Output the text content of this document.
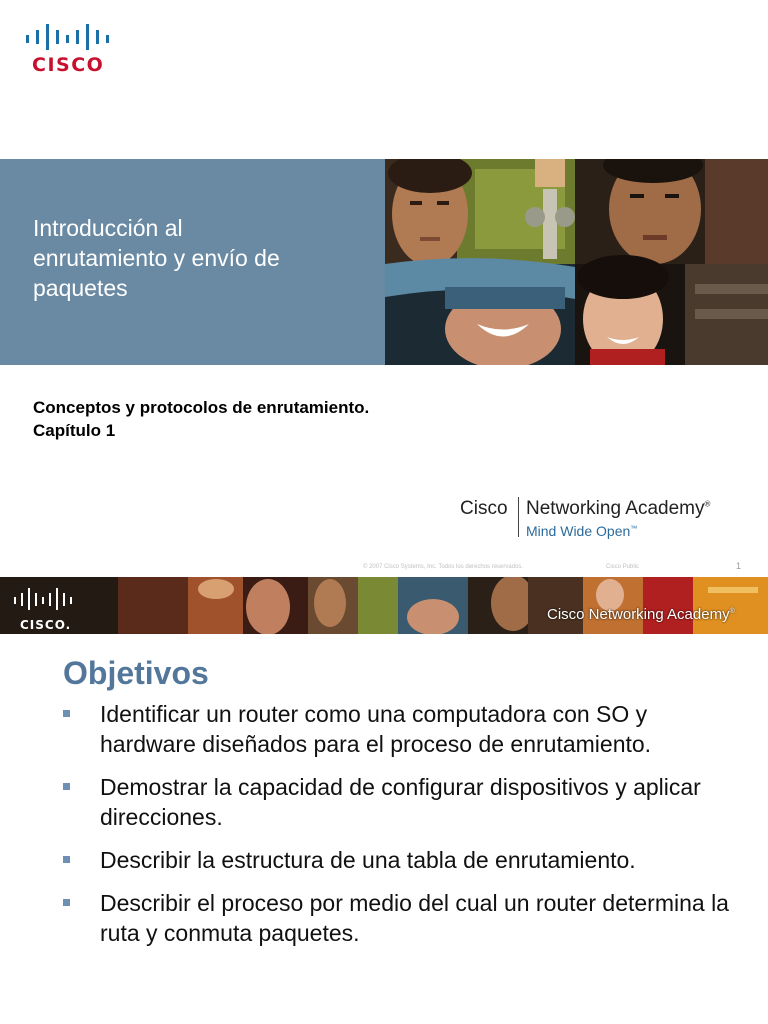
CISCO
Introducción al
enrutamiento y envío de
paquetes
Conceptos y protocolos de enrutamiento.
Capítulo 1
Cisco Networking Academy®
Mind Wide Open™
© 2007 Cisco Systems, Inc. Todos los derechos reservados.	Cisco Public	1
CISCO.
Cisco Networking Academy®
Objetivos
Identificar un router como una computadora con SO y hardware diseñados para el proceso de enrutamiento.
Demostrar la capacidad de configurar dispositivos y aplicar direcciones.
Describir la estructura de una tabla de enrutamiento.
Describir el proceso por medio del cual un router determina la ruta y conmuta paquetes.
